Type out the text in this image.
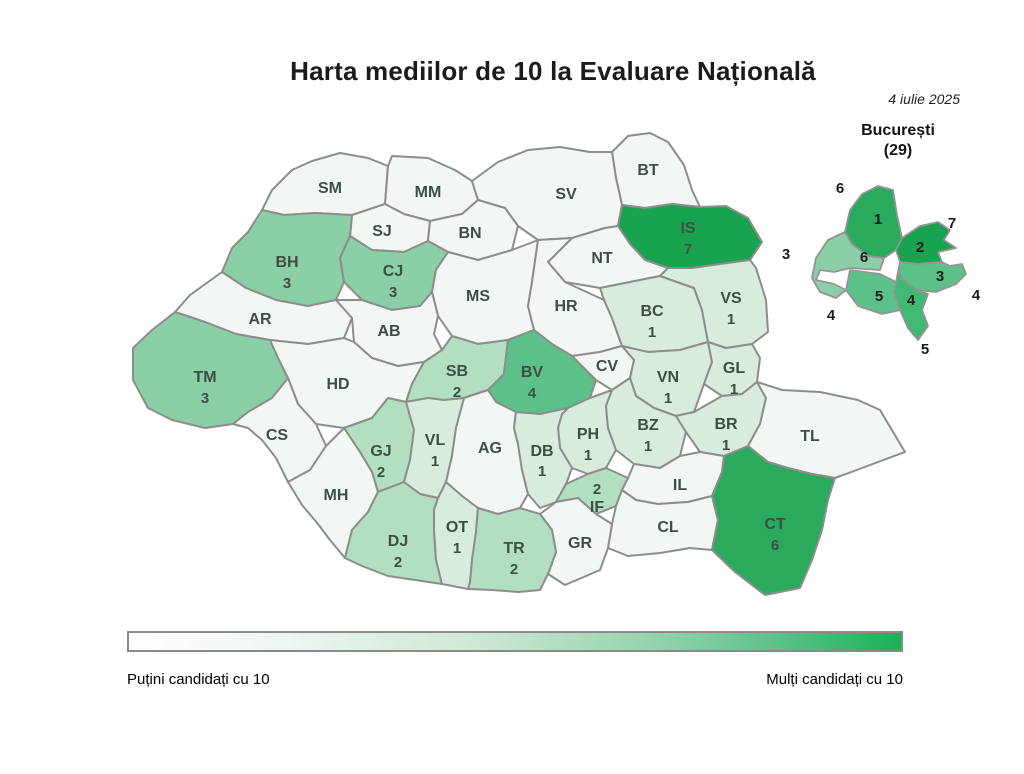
Harta mediilor de 10 la Evaluare Națională
4 iulie 2025
București
(29)
SM	MM
BT
SV
IS
7
SJ	BN
NT
BH
3
CJ
3	MS
HR	BC
1
VS
1
AR
AB
TM
3
HD
SB
2
BV
4
CV
VN
1
GL
1
CS
GJ
2
VL
1
AG
PH
1
BZ
1
BR
1
TL
MH
DB
1
IF
2	IL
CL
DJ
2
OT
1	GR
TR
2
CT
6
1
6
2
7
3
4
4
5
5
4
6
3
Puțini candidați cu 10	Mulți candidați cu 10
